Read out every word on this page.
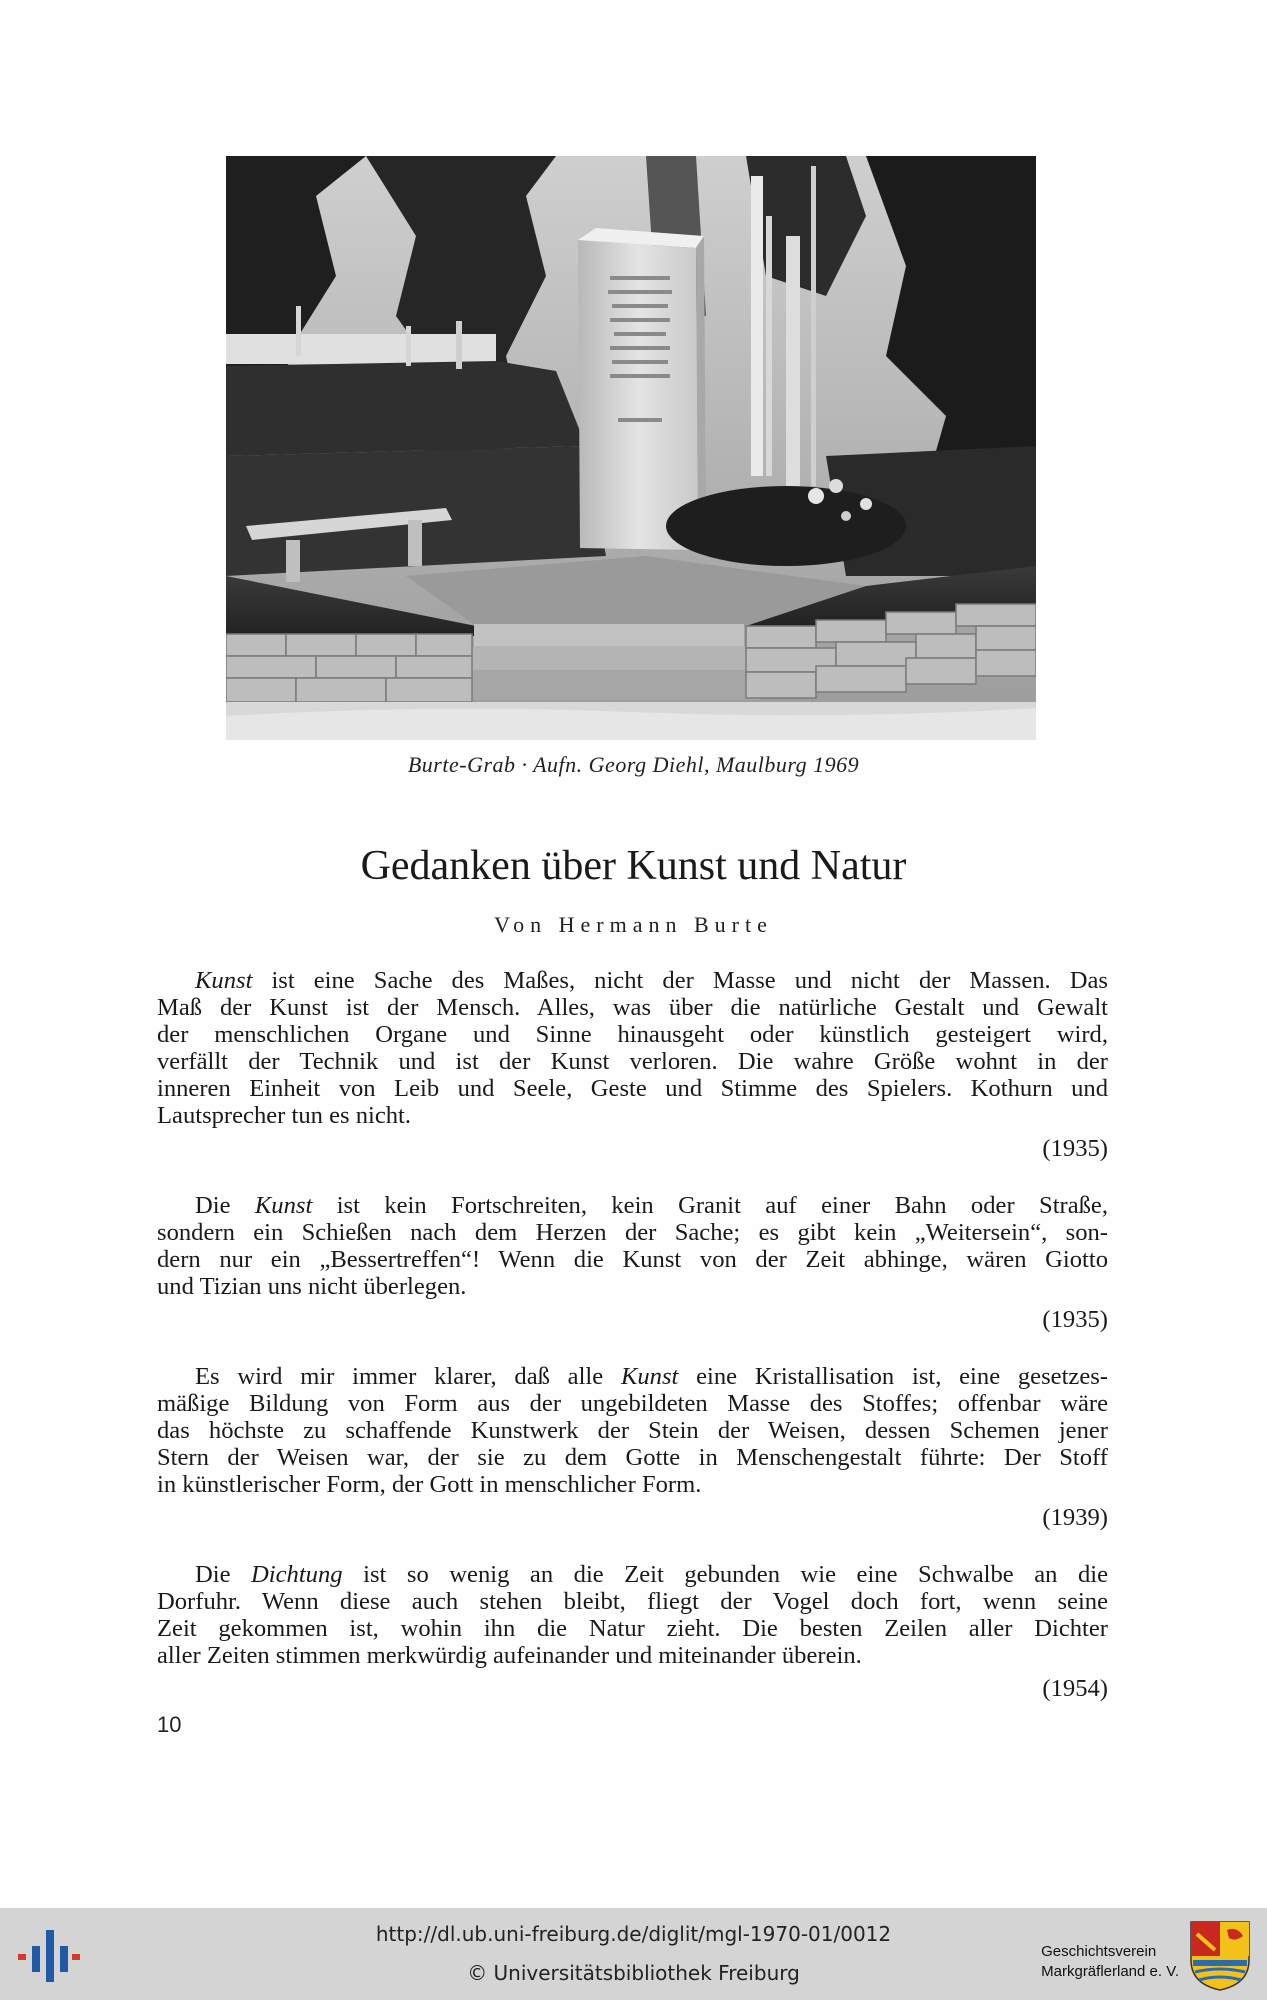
Burte-Grab · Aufn. Georg Diehl, Maulburg 1969
Gedanken über Kunst und Natur
Von Hermann Burte
Kunst ist eine Sache des Maßes, nicht der Masse und nicht der Massen. Das
Maß der Kunst ist der Mensch. Alles, was über die natürliche Gestalt und Gewalt
der menschlichen Organe und Sinne hinausgeht oder künstlich gesteigert wird,
verfällt der Technik und ist der Kunst verloren. Die wahre Größe wohnt in der
inneren Einheit von Leib und Seele, Geste und Stimme des Spielers. Kothurn und
Lautsprecher tun es nicht.
(1935)
Die Kunst ist kein Fortschreiten, kein Granit auf einer Bahn oder Straße,
sondern ein Schießen nach dem Herzen der Sache; es gibt kein „Weitersein“, son-
dern nur ein „Bessertreffen“! Wenn die Kunst von der Zeit abhinge, wären Giotto
und Tizian uns nicht überlegen.
(1935)
Es wird mir immer klarer, daß alle Kunst eine Kristallisation ist, eine gesetzes-
mäßige Bildung von Form aus der ungebildeten Masse des Stoffes; offenbar wäre
das höchste zu schaffende Kunstwerk der Stein der Weisen, dessen Schemen jener
Stern der Weisen war, der sie zu dem Gotte in Menschengestalt führte: Der Stoff
in künstlerischer Form, der Gott in menschlicher Form.
(1939)
Die Dichtung ist so wenig an die Zeit gebunden wie eine Schwalbe an die
Dorfuhr. Wenn diese auch stehen bleibt, fliegt der Vogel doch fort, wenn seine
Zeit gekommen ist, wohin ihn die Natur zieht. Die besten Zeilen aller Dichter
aller Zeiten stimmen merkwürdig aufeinander und miteinander überein.
(1954)
10
http://dl.ub.uni-freiburg.de/diglit/mgl-1970-01/0012
© Universitätsbibliothek Freiburg
Geschichtsverein
Markgräflerland e. V.
